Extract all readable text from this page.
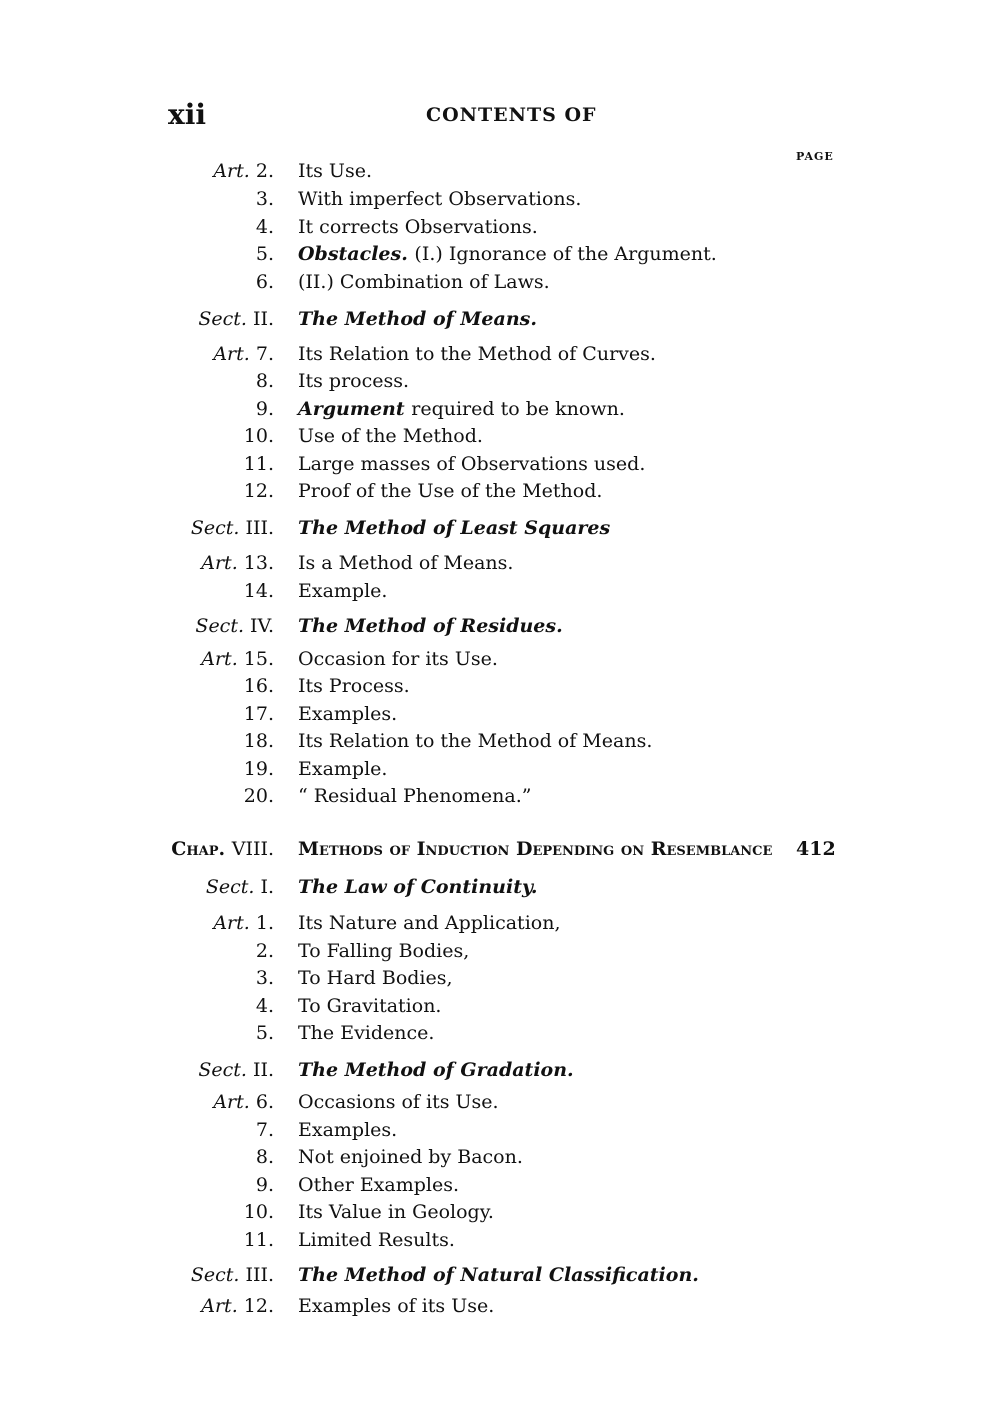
xii	CONTENTS OF
PAGE
Art. 2. Its Use.
3. With imperfect Observations.
4. It corrects Observations.
5. Obstacles. (I.) Ignorance of the Argument.
6. (II.) Combination of Laws.
Sect. II. The Method of Means.
Art. 7. Its Relation to the Method of Curves.
8. Its process.
9. Argument required to be known.
10. Use of the Method.
11. Large masses of Observations used.
12. Proof of the Use of the Method.
Sect. III. The Method of Least Squares
Art. 13. Is a Method of Means.
14. Example.
Sect. IV. The Method of Residues.
Art. 15. Occasion for its Use.
16. Its Process.
17. Examples.
18. Its Relation to the Method of Means.
19. Example.
20. “ Residual Phenomena.”
Chap. VIII. Methods of Induction Depending on Resemblance 412
Sect. I. The Law of Continuity.
Art. 1. Its Nature and Application,
2. To Falling Bodies,
3. To Hard Bodies,
4. To Gravitation.
5. The Evidence.
Sect. II. The Method of Gradation.
Art. 6. Occasions of its Use.
7. Examples.
8. Not enjoined by Bacon.
9. Other Examples.
10. Its Value in Geology.
11. Limited Results.
Sect. III. The Method of Natural Classification.
Art. 12. Examples of its Use.
